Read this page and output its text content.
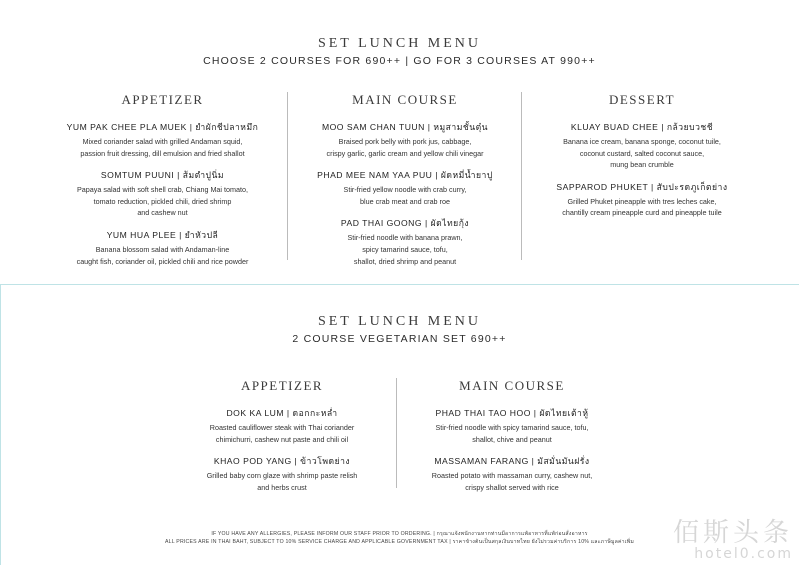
SET LUNCH MENU
CHOOSE 2 COURSES FOR 690++ | GO FOR 3 COURSES AT 990++
APPETIZER
YUM PAK CHEE PLA MUEK | ยำผักชีปลาหมึก
Mixed coriander salad with grilled Andaman squid,
passion fruit dressing, dill emulsion and fried shallot
SOMTUM PUUNI | ส้มตำปูนิ่ม
Papaya salad with soft shell crab, Chiang Mai tomato,
tomato reduction, pickled chili, dried shrimp
and cashew nut
YUM HUA PLEE | ยำหัวปลี
Banana blossom salad with Andaman-line
caught fish, coriander oil, pickled chili and rice powder
MAIN COURSE
MOO SAM CHAN TUUN | หมูสามชั้นตุ๋น
Braised pork belly with pork jus, cabbage,
crispy garlic, garlic cream and yellow chili vinegar
PHAD MEE NAM YAA PUU | ผัดหมี่น้ำยาปู
Stir-fried yellow noodle with crab curry,
blue crab meat and crab roe
PAD THAI GOONG | ผัดไทยกุ้ง
Stir-fried noodle with banana prawn,
spicy tamarind sauce, tofu,
shallot, dried shrimp and peanut
DESSERT
KLUAY BUAD CHEE | กล้วยบวชชี
Banana ice cream, banana sponge, coconut tuile,
coconut custard, salted coconut sauce,
mung bean crumble
SAPPAROD PHUKET | สับปะรดภูเก็ตย่าง
Grilled Phuket pineapple with tres leches cake,
chantilly cream pineapple curd and pineapple tuile
SET LUNCH MENU
2 COURSE VEGETARIAN SET 690++
APPETIZER
DOK KA LUM | ดอกกะหล่ำ
Roasted cauliflower steak with Thai coriander
chimichurri, cashew nut paste and chili oil
KHAO POD YANG | ข้าวโพดย่าง
Grilled baby corn glaze with shrimp paste relish
and herbs crust
MAIN COURSE
PHAD THAI TAO HOO | ผัดไทยเต้าหู้
Stir-fried noodle with spicy tamarind sauce, tofu,
shallot, chive and peanut
MASSAMAN FARANG | มัสมั่นมันฝรั่ง
Roasted potato with massaman curry, cashew nut,
crispy shallot served with rice
IF YOU HAVE ANY ALLERGIES, PLEASE INFORM OUR STAFF PRIOR TO ORDERING. | กรุณาแจ้งพนักงานหากท่านมีอาการแพ้อาหารที่แพ้ก่อนสั่งอาหาร
ALL PRICES ARE IN THAI BAHT, SUBJECT TO 10% SERVICE CHARGE AND APPLICABLE GOVERNMENT TAX | ราคาข้างต้นเป็นสกุลเงินบาทไทย ยังไม่รวมค่าบริการ 10% และภาษีมูลค่าเพิ่ม	佰斯头条
hotel0.com
